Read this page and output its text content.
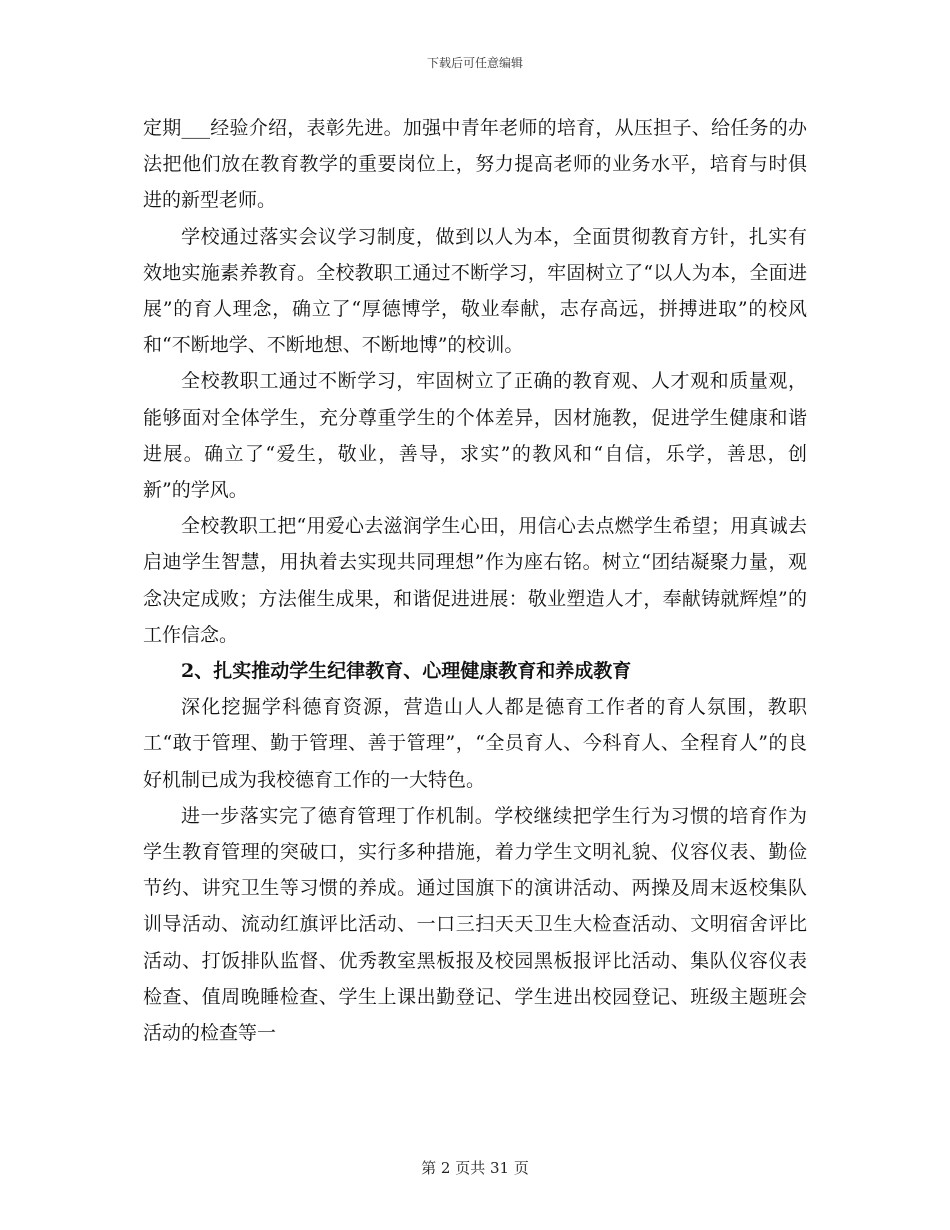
下载后可任意编辑

定期___经验介绍，表彰先进。加强中青年老师的培育，从压担子、给任务的办法把他们放在教育教学的重要岗位上，努力提高老师的业务水平，培育与时俱进的新型老师。

学校通过落实会议学习制度，做到以人为本，全面贯彻教育方针，扎实有效地实施素养教育。全校教职工通过不断学习，牢固树立了“以人为本，全面进展”的育人理念，确立了“厚德博学，敬业奉献，志存高远，拼搏进取”的校风和“不断地学、不断地想、不断地博”的校训。

全校教职工通过不断学习，牢固树立了正确的教育观、人才观和质量观，能够面对全体学生，充分尊重学生的个体差异，因材施教，促进学生健康和谐进展。确立了“爱生，敬业，善导，求实”的教风和“自信，乐学，善思，创新”的学风。

全校教职工把“用爱心去滋润学生心田，用信心去点燃学生希望；用真诚去启迪学生智慧，用执着去实现共同理想”作为座右铭。树立“团结凝聚力量，观念决定成败；方法催生成果，和谐促进进展：敬业塑造人才，奉献铸就辉煌”的工作信念。

2、扎实推动学生纪律教育、心理健康教育和养成教育

深化挖掘学科德育资源，营造山人人都是德育工作者的育人氛围，教职工“敢于管理、勤于管理、善于管理”，“全员育人、今科育人、全程育人”的良好机制已成为我校德育工作的一大特色。

进一步落实完了德育管理丁作机制。学校继续把学生行为习惯的培育作为学生教育管理的突破口，实行多种措施，着力学生文明礼貌、仪容仪表、勤俭节约、讲究卫生等习惯的养成。通过国旗下的演讲活动、两操及周末返校集队训导活动、流动红旗评比活动、一口三扫天天卫生大检查活动、文明宿舍评比活动、打饭排队监督、优秀教室黑板报及校园黑板报评比活动、集队仪容仪表检查、值周晚睡检查、学生上课出勤登记、学生进出校园登记、班级主题班会活动的检查等一

第 2 页共 31 页
